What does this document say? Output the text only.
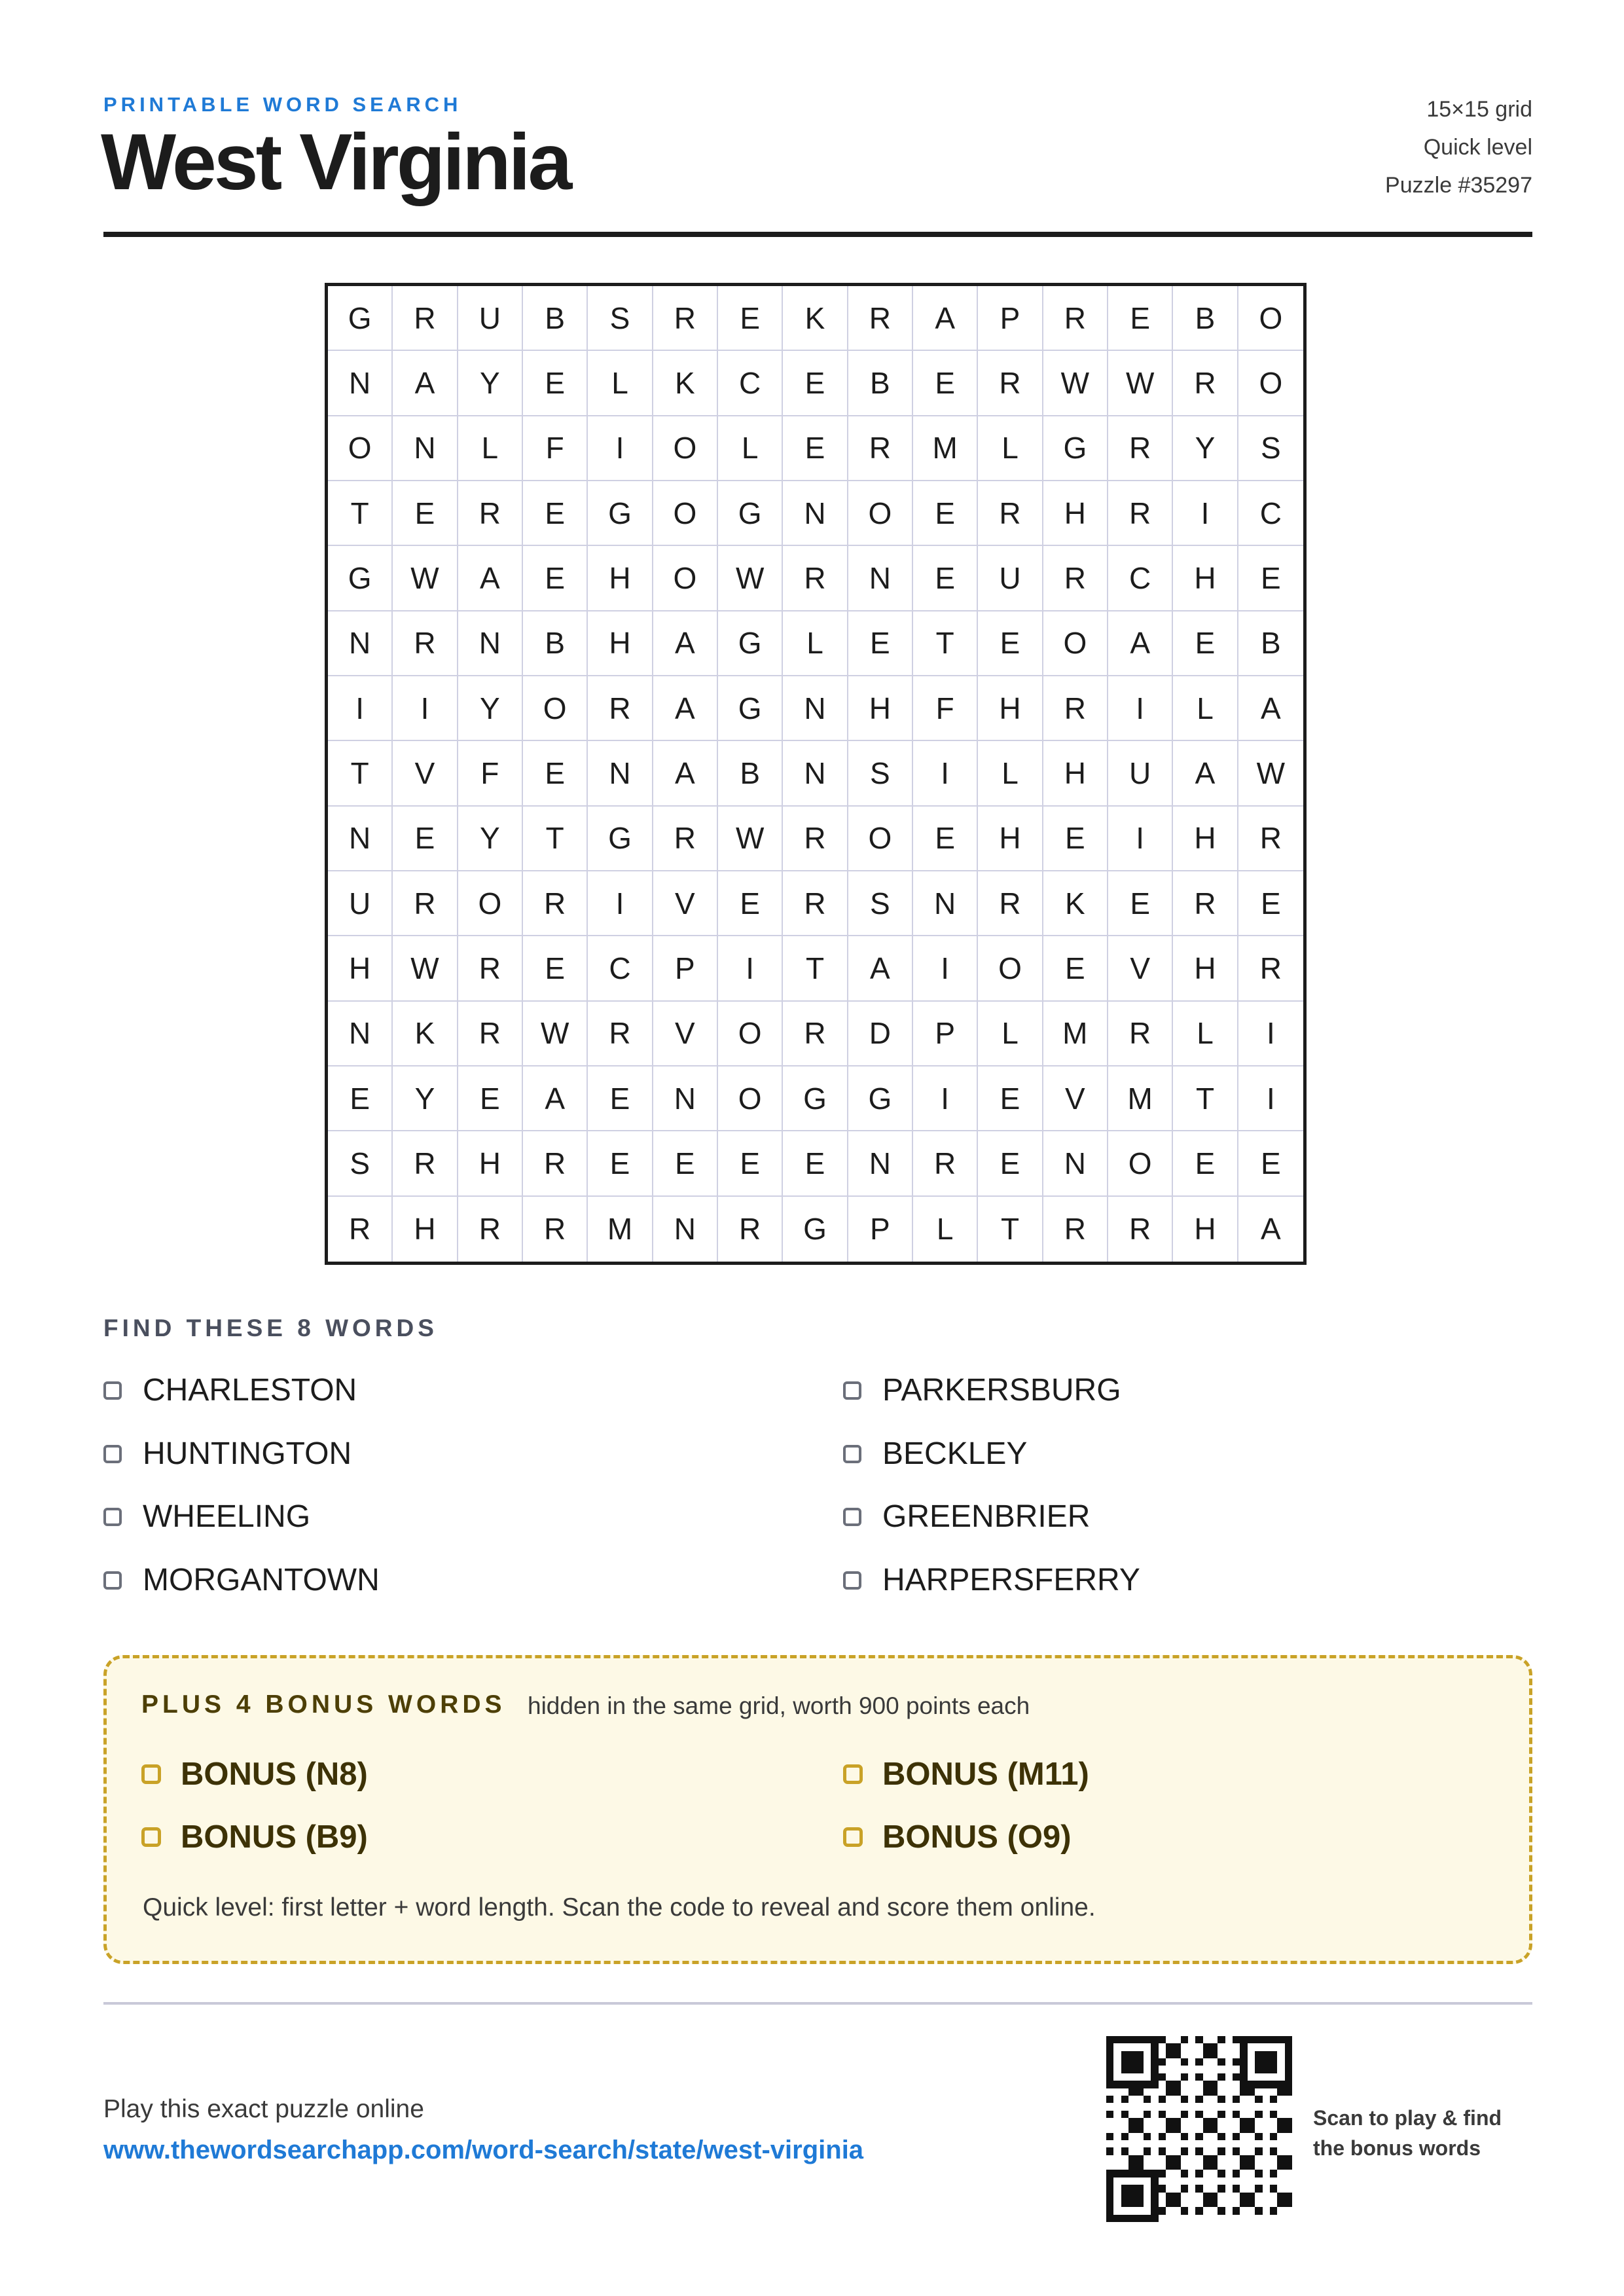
PRINTABLE WORD SEARCH
West Virginia
15×15 grid
Quick level
Puzzle #35297
G	R	U	B	S	R	E	K	R	A	P	R	E	B	O
N	A	Y	E	L	K	C	E	B	E	R	W	W	R	O
O	N	L	F	I	O	L	E	R	M	L	G	R	Y	S
T	E	R	E	G	O	G	N	O	E	R	H	R	I	C
G	W	A	E	H	O	W	R	N	E	U	R	C	H	E
N	R	N	B	H	A	G	L	E	T	E	O	A	E	B
I	I	Y	O	R	A	G	N	H	F	H	R	I	L	A
T	V	F	E	N	A	B	N	S	I	L	H	U	A	W
N	E	Y	T	G	R	W	R	O	E	H	E	I	H	R
U	R	O	R	I	V	E	R	S	N	R	K	E	R	E
H	W	R	E	C	P	I	T	A	I	O	E	V	H	R
N	K	R	W	R	V	O	R	D	P	L	M	R	L	I
E	Y	E	A	E	N	O	G	G	I	E	V	M	T	I
S	R	H	R	E	E	E	E	N	R	E	N	O	E	E
R	H	R	R	M	N	R	G	P	L	T	R	R	H	A
FIND THESE 8 WORDS
CHARLESTON	PARKERSBURG
HUNTINGTON	BECKLEY
WHEELING	GREENBRIER
MORGANTOWN	HARPERSFERRY
PLUS 4 BONUS WORDS hidden in the same grid, worth 900 points each
BONUS (N8)	BONUS (M11)
BONUS (B9)	BONUS (O9)
Quick level: first letter + word length. Scan the code to reveal and score them online.
Play this exact puzzle online
www.thewordsearchapp.com/word-search/state/west-virginia
Scan to play & find
the bonus words
